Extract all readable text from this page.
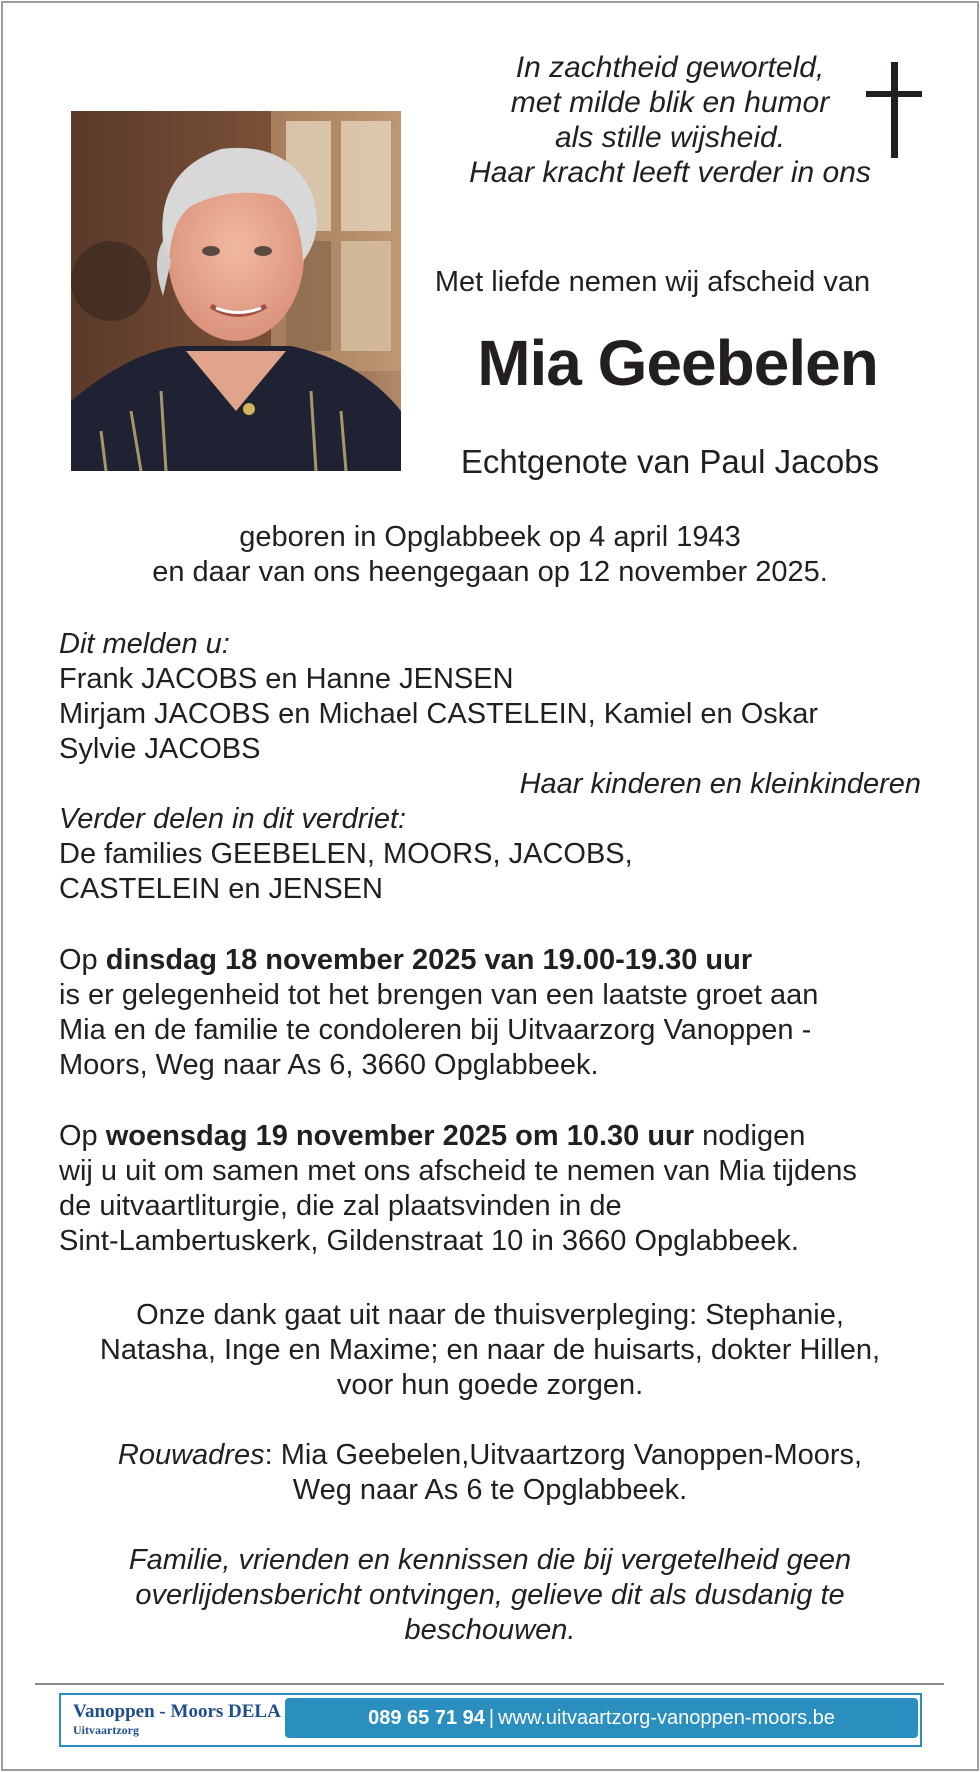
In zachtheid geworteld,
met milde blik en humor
als stille wijsheid.
Haar kracht leeft verder in ons
Met liefde nemen wij afscheid van
Mia Geebelen
Echtgenote van Paul Jacobs
geboren in Opglabbeek op 4 april 1943
en daar van ons heengegaan op 12 november 2025.
Dit melden u:
Frank JACOBS en Hanne JENSEN
Mirjam JACOBS en Michael CASTELEIN, Kamiel en Oskar
Sylvie JACOBS
Haar kinderen en kleinkinderen
Verder delen in dit verdriet:
De families GEEBELEN, MOORS, JACOBS,
CASTELEIN en JENSEN
Op dinsdag 18 november 2025 van 19.00-19.30 uur
is er gelegenheid tot het brengen van een laatste groet aan
Mia en de familie te condoleren bij Uitvaarzorg Vanoppen -
Moors, Weg naar As 6, 3660 Opglabbeek.
Op woensdag 19 november 2025 om 10.30 uur nodigen
wij u uit om samen met ons afscheid te nemen van Mia tijdens
de uitvaartliturgie, die zal plaatsvinden in de
Sint-Lambertuskerk, Gildenstraat 10 in 3660 Opglabbeek.
Onze dank gaat uit naar de thuisverpleging: Stephanie,
Natasha, Inge en Maxime; en naar de huisarts, dokter Hillen,
voor hun goede zorgen.
Rouwadres: Mia Geebelen,Uitvaartzorg Vanoppen-Moors,
Weg naar As 6 te Opglabbeek.
Familie, vrienden en kennissen die bij vergetelheid geen
overlijdensbericht ontvingen, gelieve dit als dusdanig te
beschouwen.
Vanoppen - Moors DELA
Uitvaartzorg
089 65 71 94 | www.uitvaartzorg-vanoppen-moors.be
